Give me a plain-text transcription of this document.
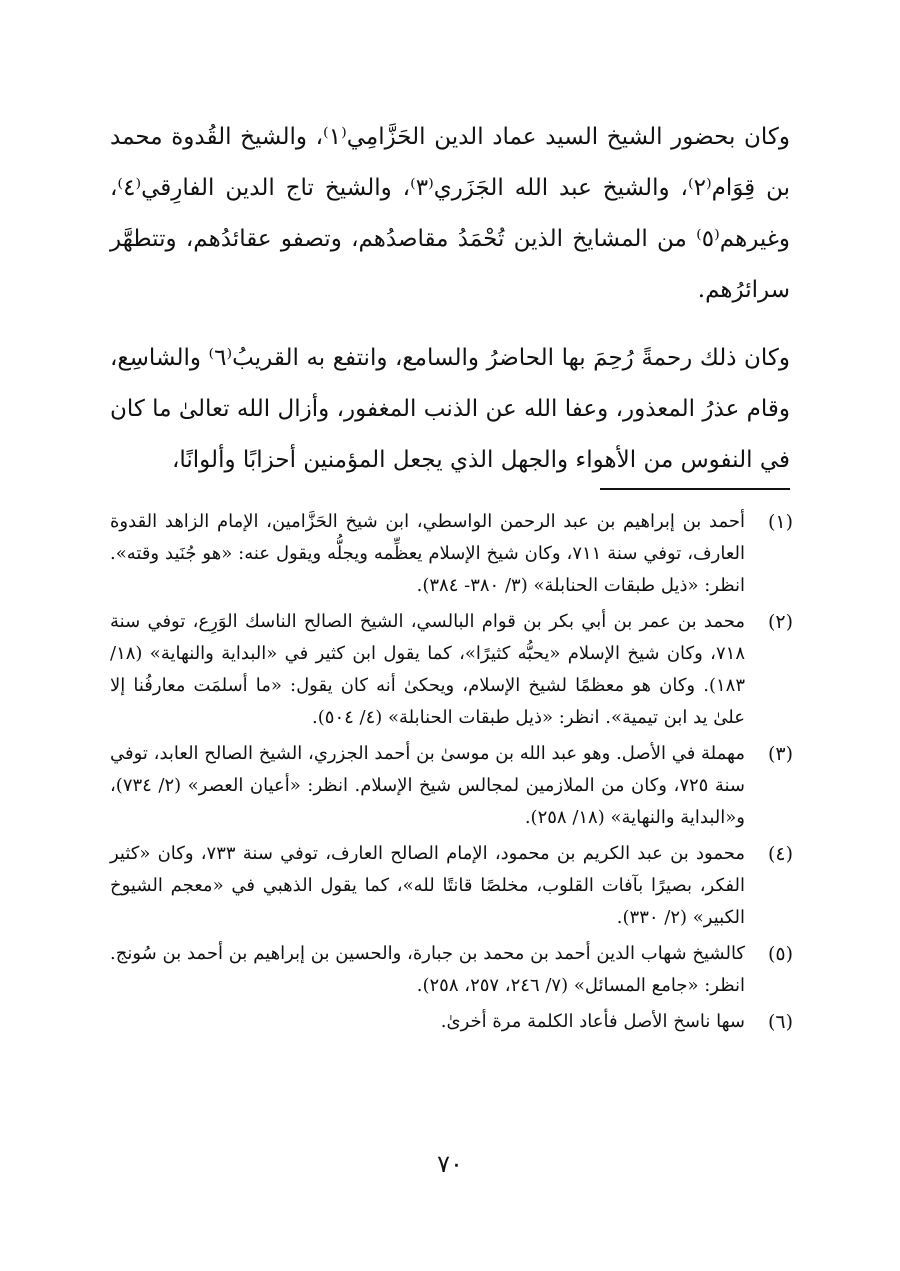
وكان بحضور الشيخ السيد عماد الدين الحَزَّامِي⁽١⁾، والشيخ القُدوة محمد بن قِوَام⁽٢⁾، والشيخ عبد الله الجَزَري⁽٣⁾، والشيخ تاج الدين الفارِقي⁽٤⁾، وغيرهم⁽٥⁾ من المشايخ الذين تُحْمَدُ مقاصدُهم، وتصفو عقائدُهم، وتتطهَّر سرائرُهم.

وكان ذلك رحمةً رُحِمَ بها الحاضرُ والسامع، وانتفع به القريبُ⁽٦⁾ والشاسِع، وقام عذرُ المعذور، وعفا الله عن الذنب المغفور، وأزال الله تعالىٰ ما كان في النفوس من الأهواء والجهل الذي يجعل المؤمنين أحزابًا وألوانًا،

(١)
أحمد بن إبراهيم بن عبد الرحمن الواسطي، ابن شيخ الحَزَّامين، الإمام الزاهد القدوة العارف، توفي سنة ٧١١، وكان شيخ الإسلام يعظِّمه ويجلُّه ويقول عنه: «هو جُنَيد وقته». انظر: «ذيل طبقات الحنابلة» (٣/ ٣٨٠- ٣٨٤).
(٢)
محمد بن عمر بن أبي بكر بن قوام البالسي، الشيخ الصالح الناسك الوَرِع، توفي سنة ٧١٨، وكان شيخ الإسلام «يحبُّه كثيرًا»، كما يقول ابن كثير في «البداية والنهاية» (١٨/ ١٨٣). وكان هو معظمًا لشيخ الإسلام، ويحكىٰ أنه كان يقول: «ما أسلمَت معارفُنا إلا علىٰ يد ابن تيمية». انظر: «ذيل طبقات الحنابلة» (٤/ ٥٠٤).
(٣)
مهملة في الأصل. وهو عبد الله بن موسىٰ بن أحمد الجزري، الشيخ الصالح العابد، توفي سنة ٧٢٥، وكان من الملازمين لمجالس شيخ الإسلام. انظر: «أعيان العصر» (٢/ ٧٣٤)، و«البداية والنهاية» (١٨/ ٢٥٨).
(٤)
محمود بن عبد الكريم بن محمود، الإمام الصالح العارف، توفي سنة ٧٣٣، وكان «كثير الفكر، بصيرًا بآفات القلوب، مخلصًا قانتًا لله»، كما يقول الذهبي في «معجم الشيوخ الكبير» (٢/ ٣٣٠).
(٥)
كالشيخ شهاب الدين أحمد بن محمد بن جبارة، والحسين بن إبراهيم بن أحمد بن سُونج. انظر: «جامع المسائل» (٧/ ٢٤٦، ٢٥٧، ٢٥٨).
(٦)
سها ناسخ الأصل فأعاد الكلمة مرة أخرىٰ.
٧٠
